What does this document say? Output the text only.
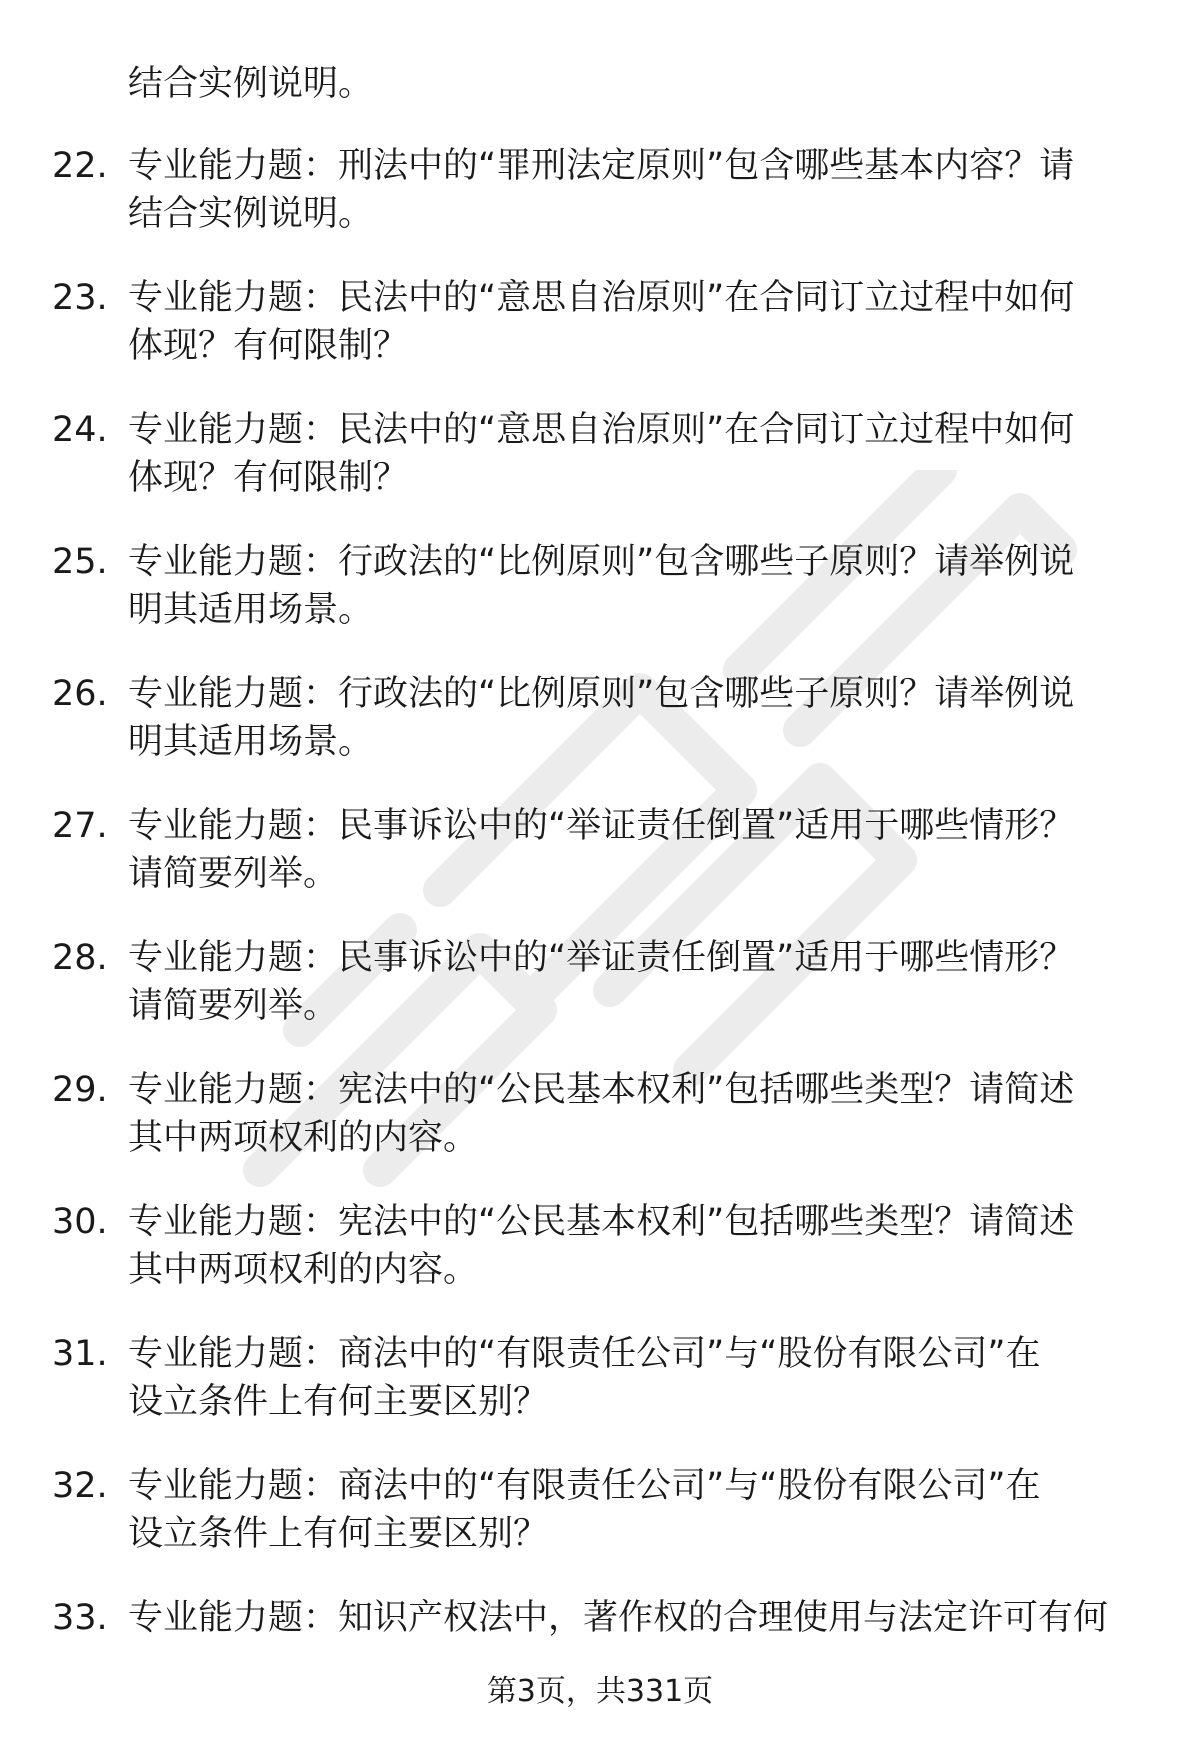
结合实例说明。
22. 专业能力题：刑法中的“罪刑法定原则”包含哪些基本内容？请
结合实例说明。
23. 专业能力题：民法中的“意思自治原则”在合同订立过程中如何
体现？有何限制？
24. 专业能力题：民法中的“意思自治原则”在合同订立过程中如何
体现？有何限制？
25. 专业能力题：行政法的“比例原则”包含哪些子原则？请举例说
明其适用场景。
26. 专业能力题：行政法的“比例原则”包含哪些子原则？请举例说
明其适用场景。
27. 专业能力题：民事诉讼中的“举证责任倒置”适用于哪些情形？
请简要列举。
28. 专业能力题：民事诉讼中的“举证责任倒置”适用于哪些情形？
请简要列举。
29. 专业能力题：宪法中的“公民基本权利”包括哪些类型？请简述
其中两项权利的内容。
30. 专业能力题：宪法中的“公民基本权利”包括哪些类型？请简述
其中两项权利的内容。
31. 专业能力题：商法中的“有限责任公司”与“股份有限公司”在
设立条件上有何主要区别？
32. 专业能力题：商法中的“有限责任公司”与“股份有限公司”在
设立条件上有何主要区别？
33. 专业能力题：知识产权法中，著作权的合理使用与法定许可有何
第3页，共331页
